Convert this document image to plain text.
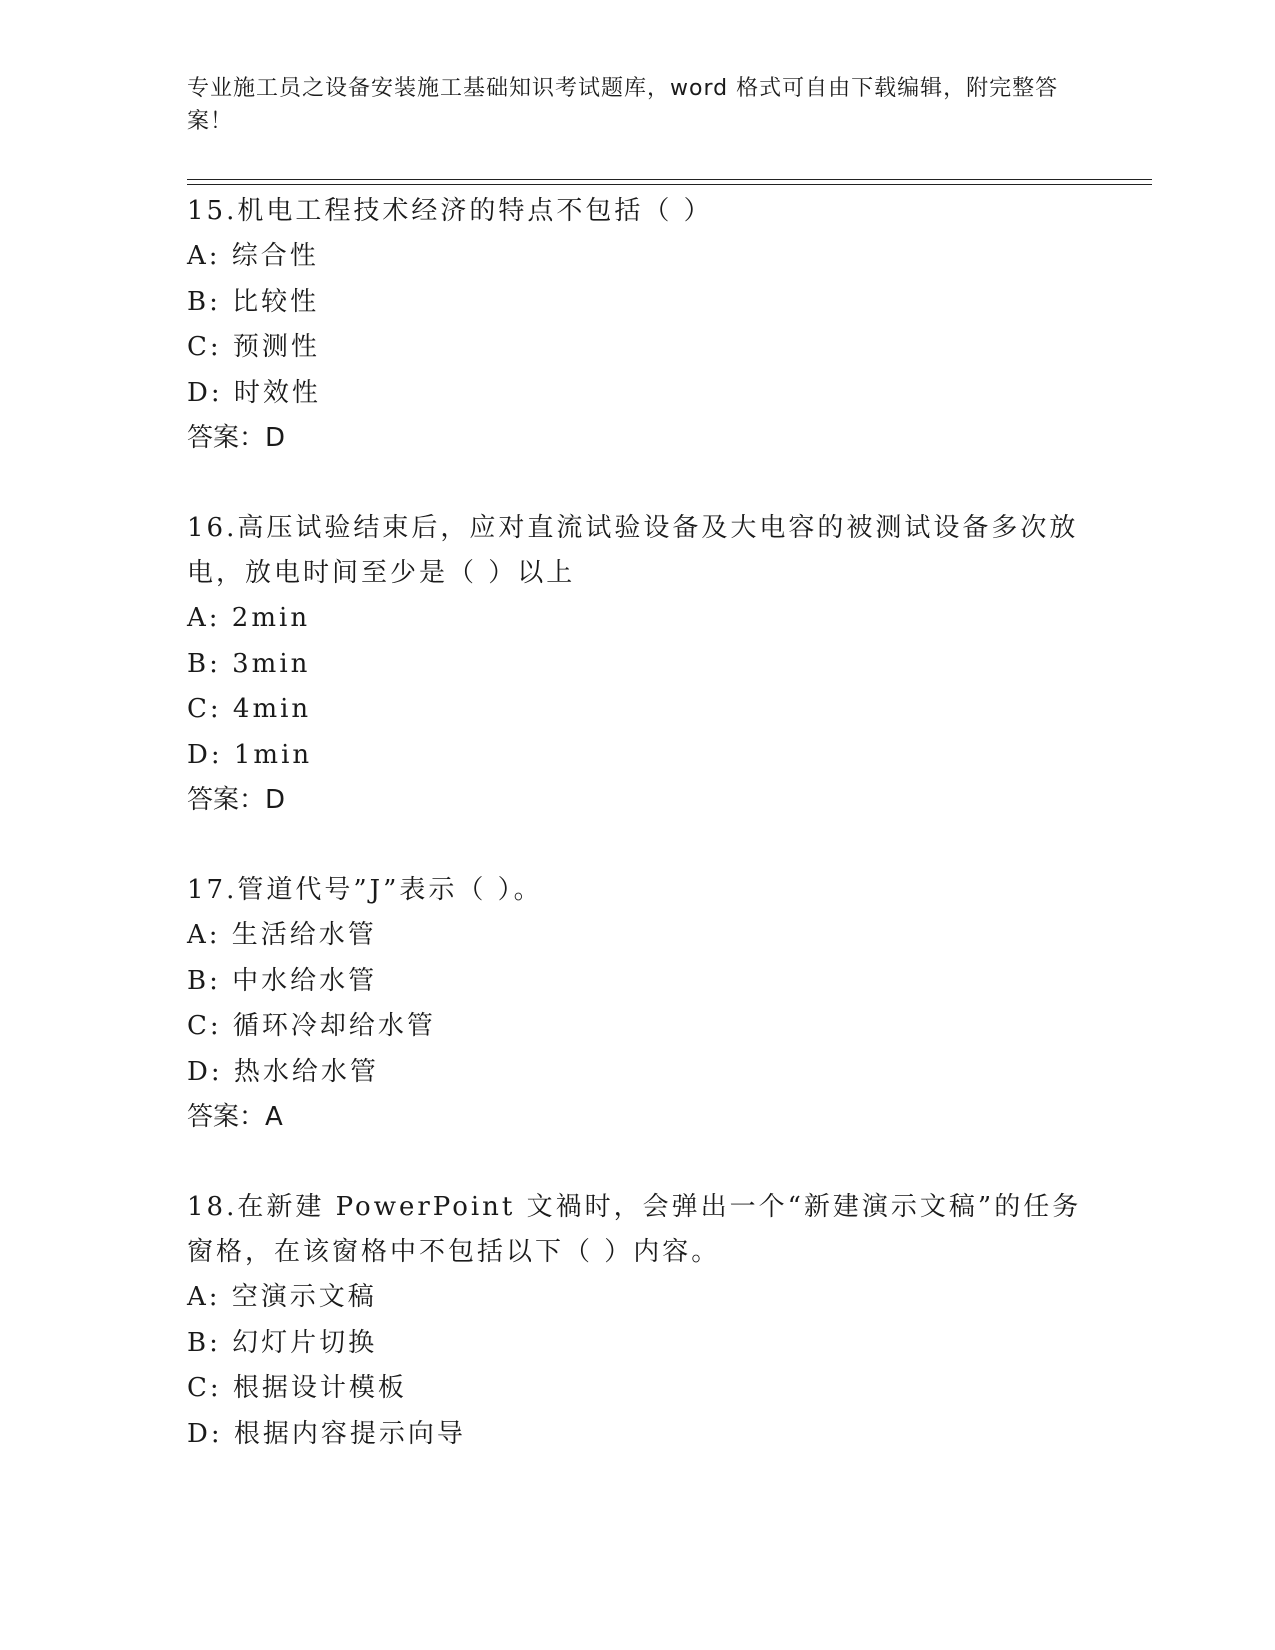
专业施工员之设备安装施工基础知识考试题库，word 格式可自由下载编辑，附完整答案！

15.机电工程技术经济的特点不包括（ ）

A: 综合性

B: 比较性

C: 预测性

D: 时效性

答案：D

16.高压试验结束后，应对直流试验设备及大电容的被测试设备多次放电，放电时间至少是（ ）以上

A: 2min

B: 3min

C: 4min

D: 1min

答案：D

17.管道代号”J”表示（ ）。

A: 生活给水管

B: 中水给水管

C: 循环冷却给水管

D: 热水给水管

答案：A

18.在新建 PowerPoint 文禍时，会弹出一个“新建演示文稿”的任务窗格，在该窗格中不包括以下（ ）内容。

A: 空演示文稿

B: 幻灯片切换

C: 根据设计模板

D: 根据内容提示向导
